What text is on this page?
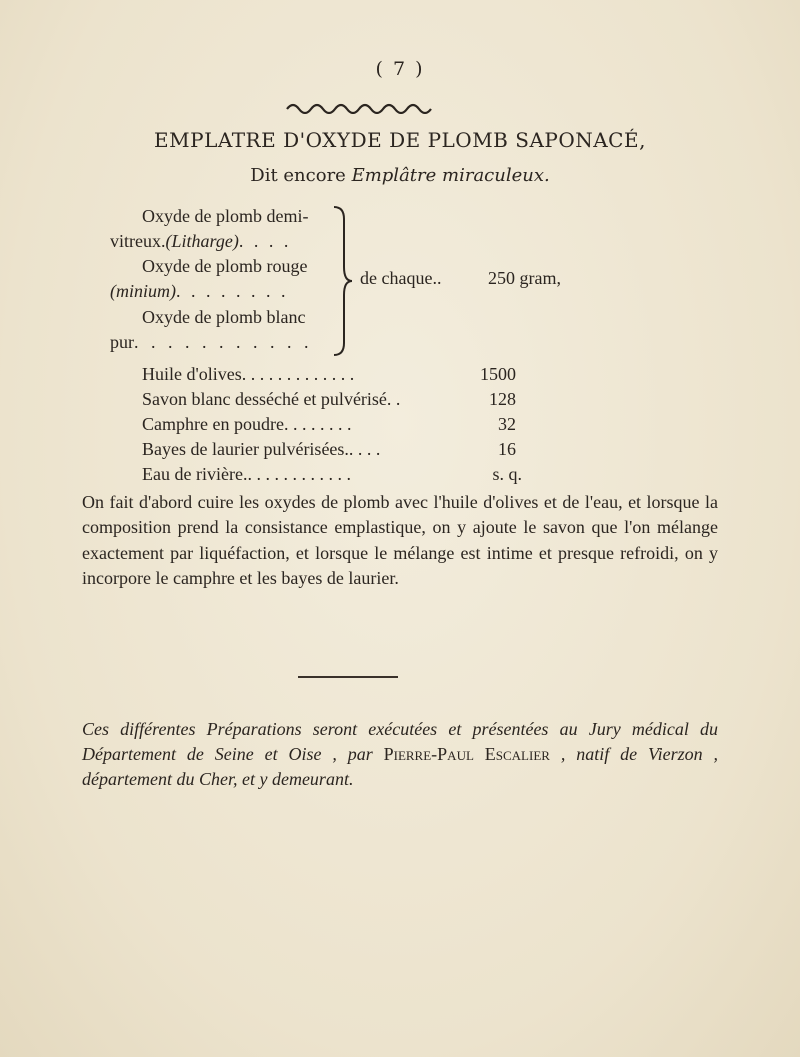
( 7 )
EMPLATRE D'OXYDE DE PLOMB SAPONACÉ,
Dit encore Emplâtre miraculeux.
Oxyde de plomb demi-
vitreux.(Litharge). . . .
Oxyde de plomb rouge
(minium). . . . . . . .
Oxyde de plomb blanc
pur. . . . . . . . . . .
de chaque..	250 gram,
Huile d'olives. . . . . . . . . . . . .	1500
Savon blanc desséché et pulvérisé. .	128
Camphre en poudre. . . . . . . .	32
Bayes de laurier pulvérisées.. . . .	16
Eau de rivière.. . . . . . . . . . . .	s. q.
On fait d'abord cuire les oxydes de plomb avec l'huile d'olives et de l'eau, et lorsque la composition prend la consistance emplastique, on y ajoute le savon que l'on mélange exactement par liquéfaction, et lorsque le mélange est intime et presque refroidi, on y incorpore le camphre et les bayes de laurier.
Ces différentes Préparations seront exécutées et présentées au Jury médical du Département de Seine et Oise , par Pierre-Paul Escalier , natif de Vierzon , département du Cher, et y demeurant.
